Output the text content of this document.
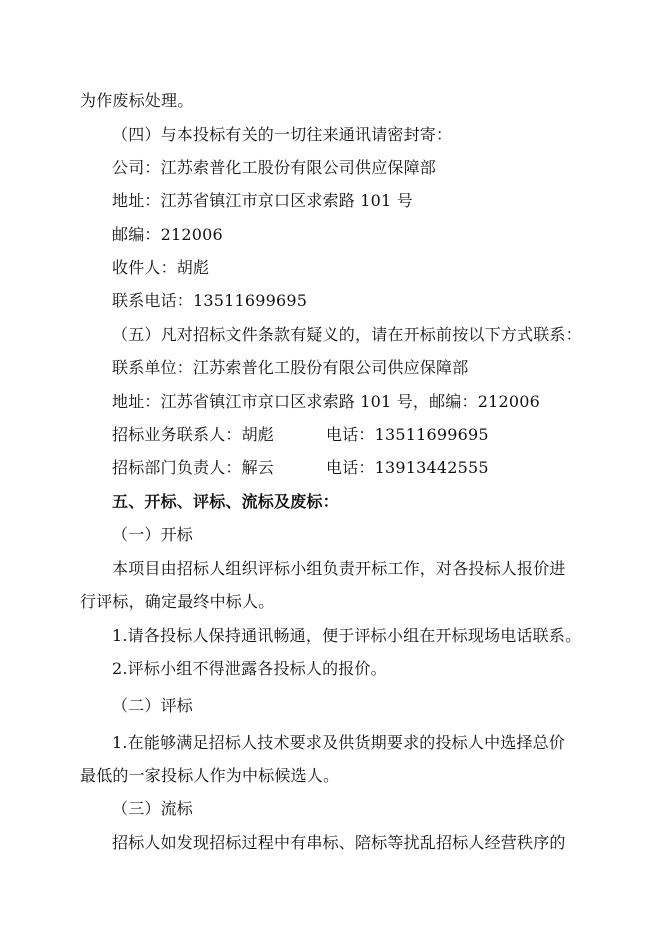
为作废标处理。
（四）与本投标有关的一切往来通讯请密封寄：
公司：江苏索普化工股份有限公司供应保障部
地址：江苏省镇江市京口区求索路 101 号
邮编：212006
收件人：胡彪
联系电话：13511699695
（五）凡对招标文件条款有疑义的，请在开标前按以下方式联系：
联系单位：江苏索普化工股份有限公司供应保障部
地址：江苏省镇江市京口区求索路 101 号，邮编：212006
招标业务联系人：胡彪	电话：13511699695
招标部门负责人：解云	电话：13913442555
五、开标、评标、流标及废标：
（一）开标
本项目由招标人组织评标小组负责开标工作，对各投标人报价进
行评标，确定最终中标人。
1.请各投标人保持通讯畅通，便于评标小组在开标现场电话联系。
2.评标小组不得泄露各投标人的报价。
（二）评标
1.在能够满足招标人技术要求及供货期要求的投标人中选择总价
最低的一家投标人作为中标候选人。
（三）流标
招标人如发现招标过程中有串标、陪标等扰乱招标人经营秩序的
